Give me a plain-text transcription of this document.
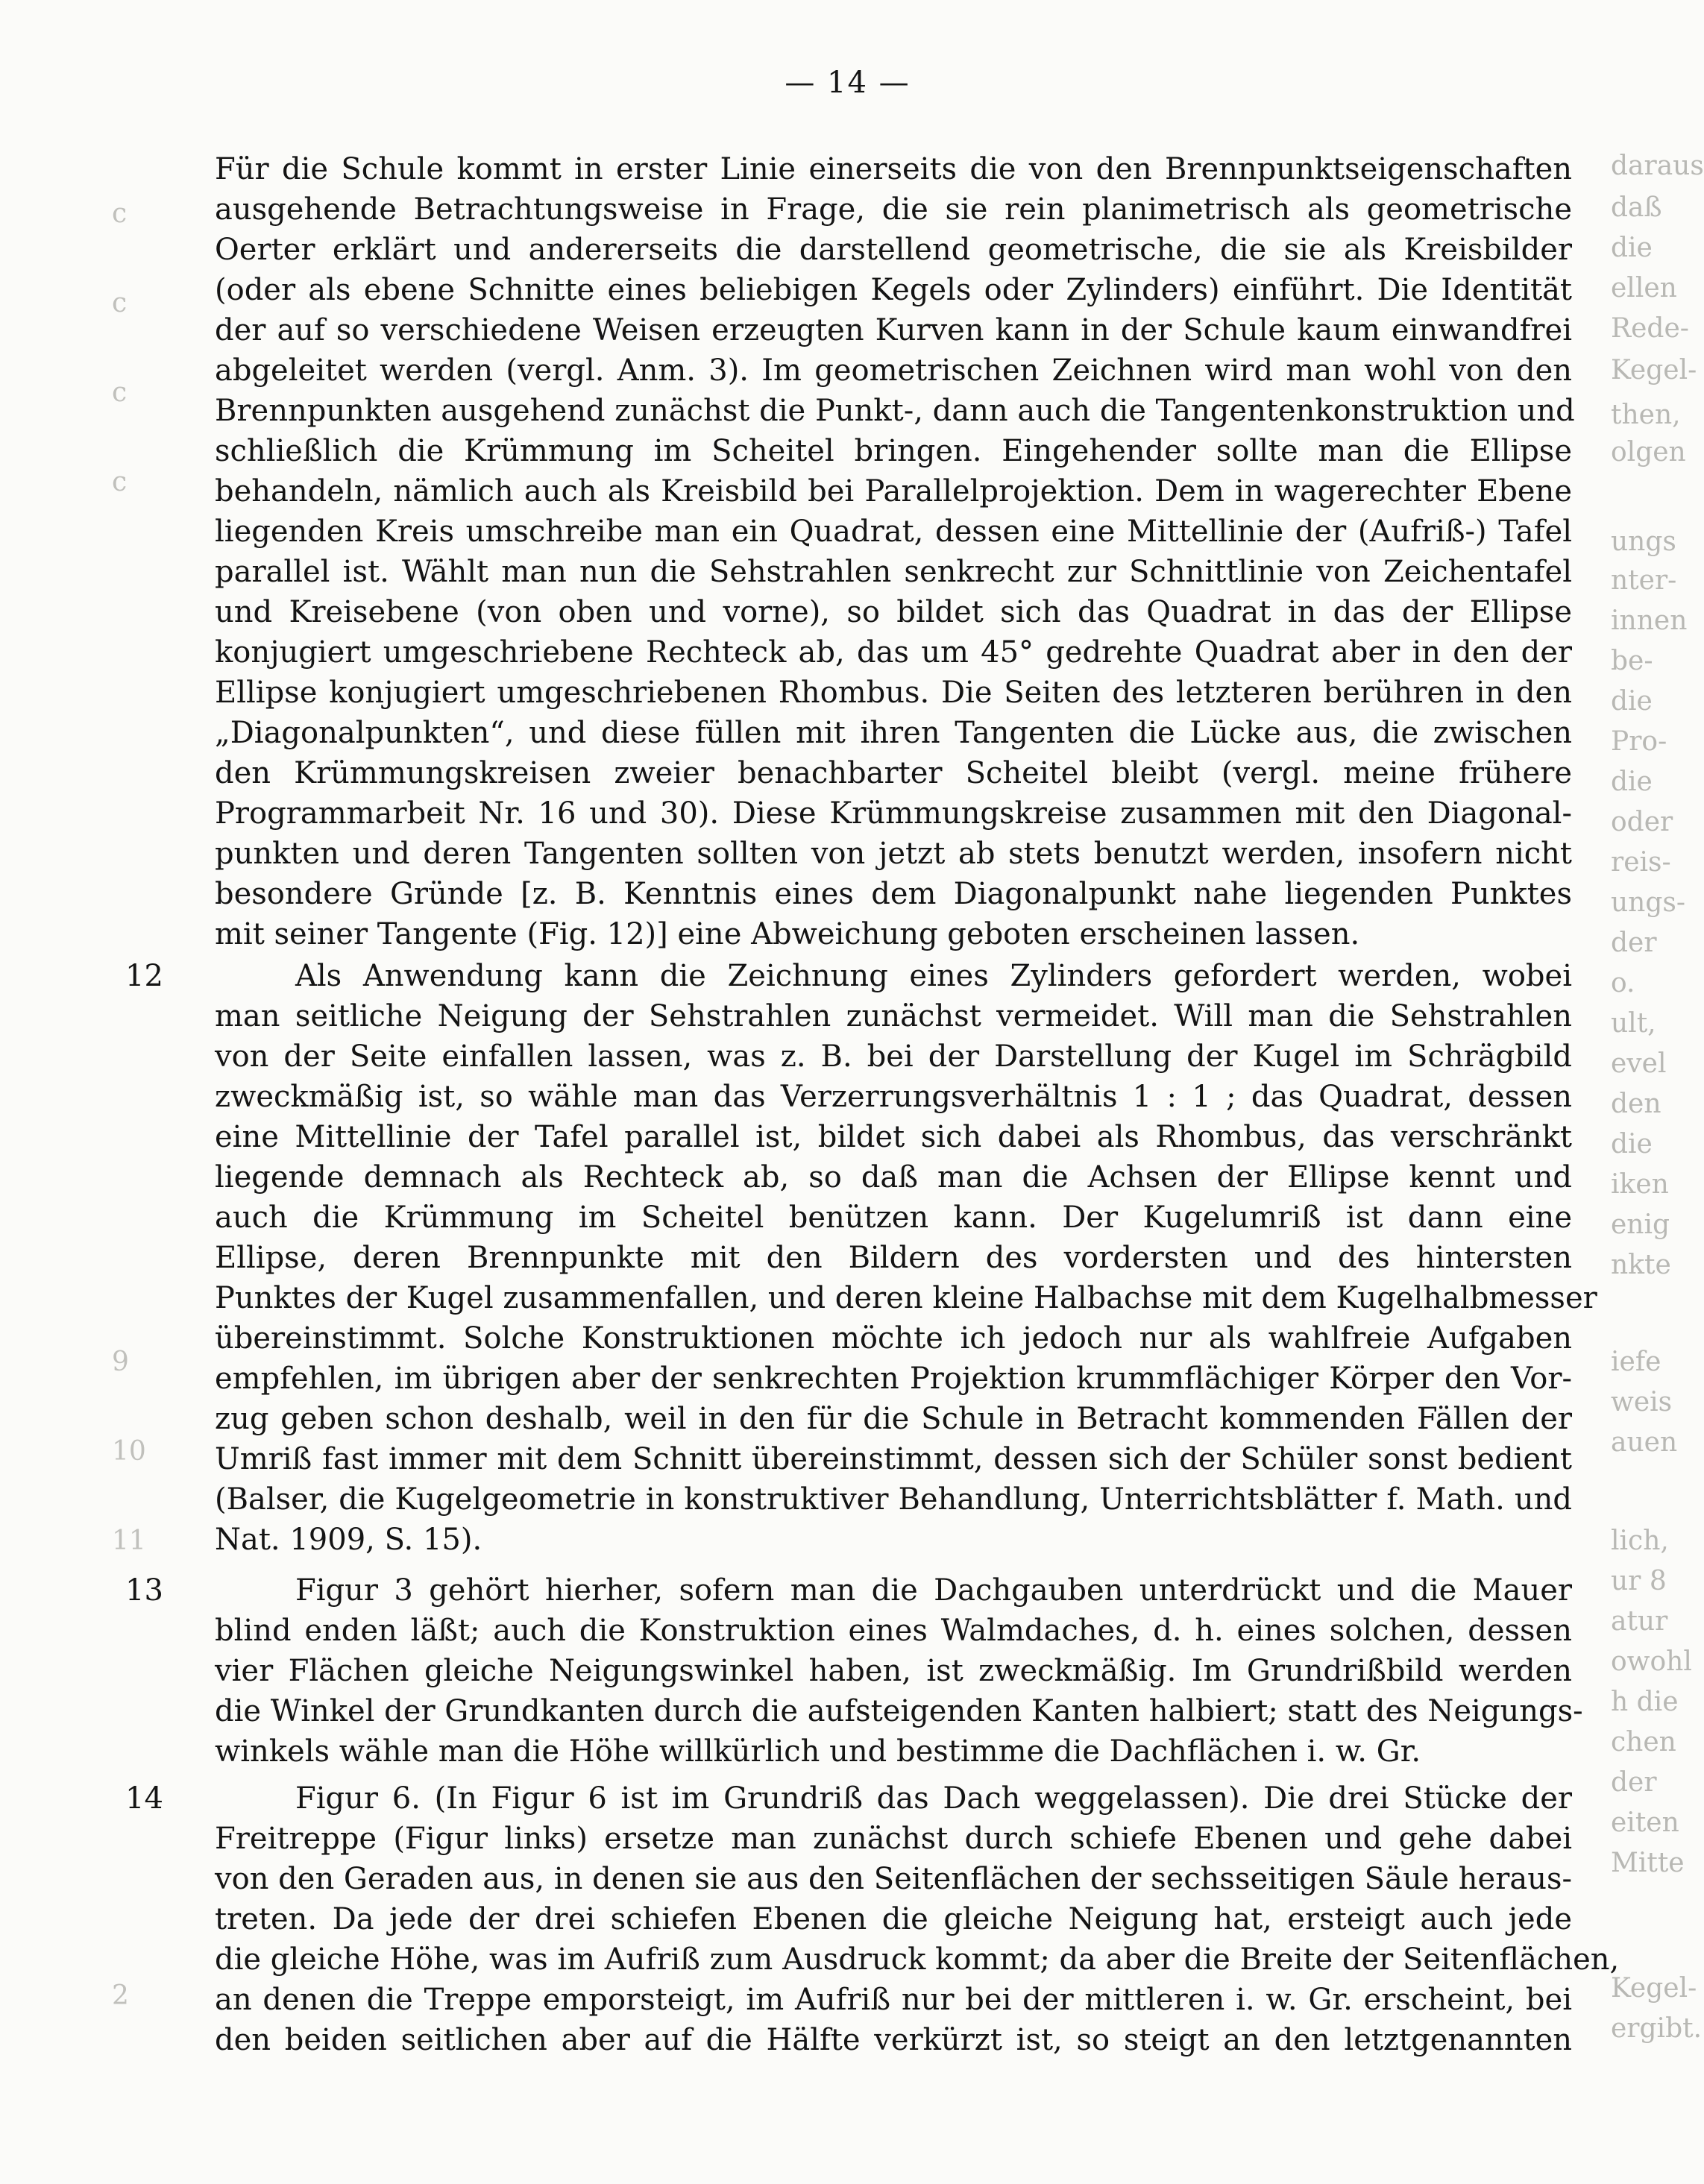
— 14 —
Für die Schule kommt in erster Linie einerseits die von den Brennpunktseigenschaften
ausgehende Betrachtungsweise in Frage, die sie rein planimetrisch als geometrische
Oerter erklärt und andererseits die darstellend geometrische, die sie als Kreisbilder
(oder als ebene Schnitte eines beliebigen Kegels oder Zylinders) einführt. Die Identität
der auf so verschiedene Weisen erzeugten Kurven kann in der Schule kaum einwandfrei
abgeleitet werden (vergl. Anm. 3). Im geometrischen Zeichnen wird man wohl von den
Brennpunkten ausgehend zunächst die Punkt-, dann auch die Tangentenkonstruktion und
schließlich die Krümmung im Scheitel bringen. Eingehender sollte man die Ellipse
behandeln, nämlich auch als Kreisbild bei Parallelprojektion. Dem in wagerechter Ebene
liegenden Kreis umschreibe man ein Quadrat, dessen eine Mittellinie der (Aufriß-) Tafel
parallel ist. Wählt man nun die Sehstrahlen senkrecht zur Schnittlinie von Zeichentafel
und Kreisebene (von oben und vorne), so bildet sich das Quadrat in das der Ellipse
konjugiert umgeschriebene Rechteck ab, das um 45° gedrehte Quadrat aber in den der
Ellipse konjugiert umgeschriebenen Rhombus. Die Seiten des letzteren berühren in den
„Diagonalpunkten“, und diese füllen mit ihren Tangenten die Lücke aus, die zwischen
den Krümmungskreisen zweier benachbarter Scheitel bleibt (vergl. meine frühere
Programmarbeit Nr. 16 und 30). Diese Krümmungskreise zusammen mit den Diagonal-
punkten und deren Tangenten sollten von jetzt ab stets benutzt werden, insofern nicht
besondere Gründe [z. B. Kenntnis eines dem Diagonalpunkt nahe liegenden Punktes
mit seiner Tangente (Fig. 12)] eine Abweichung geboten erscheinen lassen.
12	Als Anwendung kann die Zeichnung eines Zylinders gefordert werden, wobei
man seitliche Neigung der Sehstrahlen zunächst vermeidet. Will man die Sehstrahlen
von der Seite einfallen lassen, was z. B. bei der Darstellung der Kugel im Schrägbild
zweckmäßig ist, so wähle man das Verzerrungsverhältnis 1 : 1 ; das Quadrat, dessen
eine Mittellinie der Tafel parallel ist, bildet sich dabei als Rhombus, das verschränkt
liegende demnach als Rechteck ab, so daß man die Achsen der Ellipse kennt und
auch die Krümmung im Scheitel benützen kann. Der Kugelumriß ist dann eine
Ellipse, deren Brennpunkte mit den Bildern des vordersten und des hintersten
Punktes der Kugel zusammenfallen, und deren kleine Halbachse mit dem Kugelhalbmesser
übereinstimmt. Solche Konstruktionen möchte ich jedoch nur als wahlfreie Aufgaben
empfehlen, im übrigen aber der senkrechten Projektion krummflächiger Körper den Vor-
zug geben schon deshalb, weil in den für die Schule in Betracht kommenden Fällen der
Umriß fast immer mit dem Schnitt übereinstimmt, dessen sich der Schüler sonst bedient
(Balser, die Kugelgeometrie in konstruktiver Behandlung, Unterrichtsblätter f. Math. und
Nat. 1909, S. 15).
13	Figur 3 gehört hierher, sofern man die Dachgauben unterdrückt und die Mauer
blind enden läßt; auch die Konstruktion eines Walmdaches, d. h. eines solchen, dessen
vier Flächen gleiche Neigungswinkel haben, ist zweckmäßig. Im Grundrißbild werden
die Winkel der Grundkanten durch die aufsteigenden Kanten halbiert; statt des Neigungs-
winkels wähle man die Höhe willkürlich und bestimme die Dachflächen i. w. Gr.
14	Figur 6. (In Figur 6 ist im Grundriß das Dach weggelassen). Die drei Stücke der
Freitreppe (Figur links) ersetze man zunächst durch schiefe Ebenen und gehe dabei
von den Geraden aus, in denen sie aus den Seitenflächen der sechsseitigen Säule heraus-
treten. Da jede der drei schiefen Ebenen die gleiche Neigung hat, ersteigt auch jede
die gleiche Höhe, was im Aufriß zum Ausdruck kommt; da aber die Breite der Seitenflächen,
an denen die Treppe emporsteigt, im Aufriß nur bei der mittleren i. w. Gr. erscheint, bei
den beiden seitlichen aber auf die Hälfte verkürzt ist, so steigt an den letztgenannten
daraus
daß
die
ellen
Rede-
Kegel-
then,
olgen
ungs
nter-
innen
be-
die
Pro-
die
oder
reis-
ungs-
der
o.
ult,
evel
den
die
iken
enig
nkte
iefe
weis
auen
lich,
ur 8
atur
owohl
h die
chen
der
eiten
Mitte
Kegel-
ergibt.
c
c
c
c
9
10
11
2
